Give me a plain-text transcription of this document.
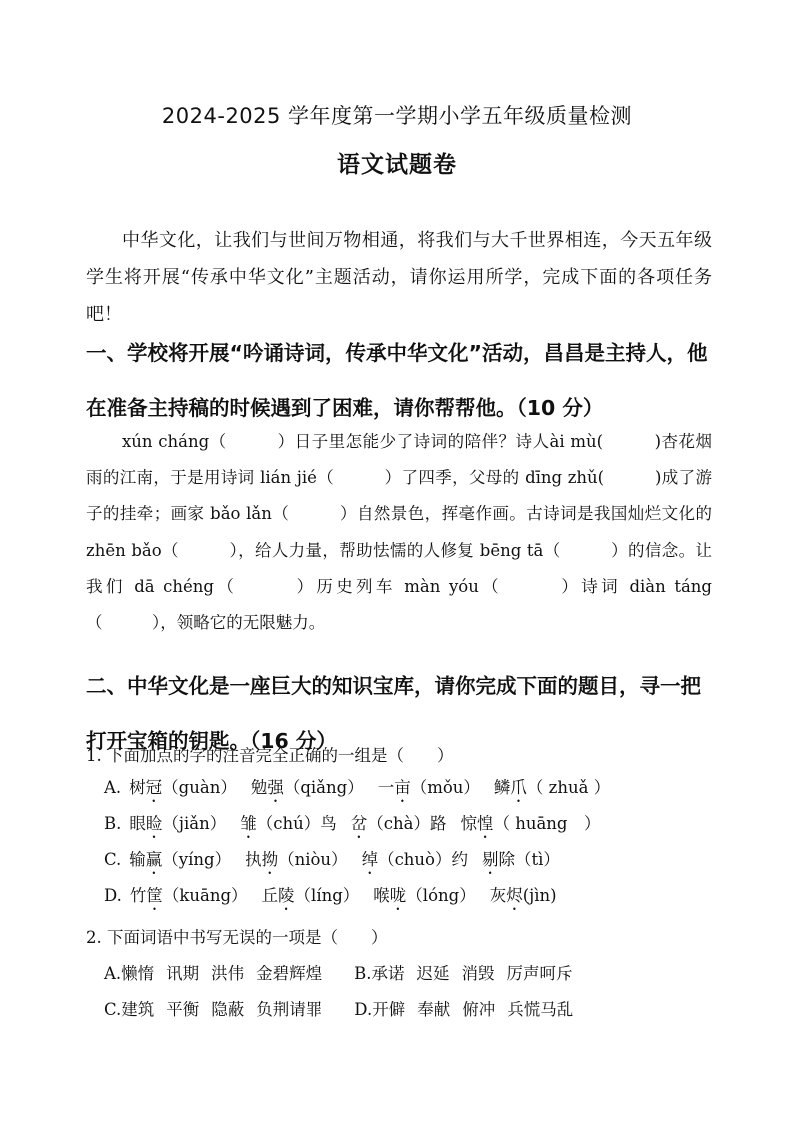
2024-2025 学年度第一学期小学五年级质量检测
语文试题卷

中华文化，让我们与世间万物相通，将我们与大千世界相连，今天五年级学生将开展“传承中华文化”主题活动，请你运用所学，完成下面的各项任务吧！

一、学校将开展“吟诵诗词，传承中华文化”活动，昌昌是主持人，他在准备主持稿的时候遇到了困难，请你帮帮他。（10 分）

xún cháng（　　　）日子里怎能少了诗词的陪伴？诗人ài mù(　　　)杏花烟雨的江南，于是用诗词 lián jié（　　　）了四季，父母的 dīng zhǔ(　　　)成了游子的挂牵；画家 bǎo lǎn（　　　）自然景色，挥毫作画。古诗词是我国灿烂文化的 zhēn bǎo（　　　），给人力量，帮助怯懦的人修复 bēng tā（　　　）的信念。让我们 dā chéng（　　　）历史列车 màn yóu（　　　）诗词 diàn táng （　　　），领略它的无限魅力。

二、中华文化是一座巨大的知识宝库，请你完成下面的题目，寻一把打开宝箱的钥匙。（16 分）

1. 下面加点的字的注音完全正确的一组是（　　）

A. 树冠（guàn） 勉强（qiǎng） 一亩（mǒu） 鳞爪（ zhuǎ ）

B. 眼睑（jiǎn） 雏（chú）鸟 岔（chà）路 惊惶（ huāng　）

C. 输赢（yíng） 执拗（niòu） 绰（chuò）约 剔除（tì）

D. 竹筐（kuāng） 丘陵（líng） 喉咙（lóng） 灰烬(jìn)

2. 下面词语中书写无误的一项是（　　）

A.懒惰 讯期 洪伟 金碧辉煌 B.承诺 迟延 消毁 厉声呵斥

C.建筑 平衡 隐蔽 负荆请罪 D.开僻 奉献 俯冲 兵慌马乱
